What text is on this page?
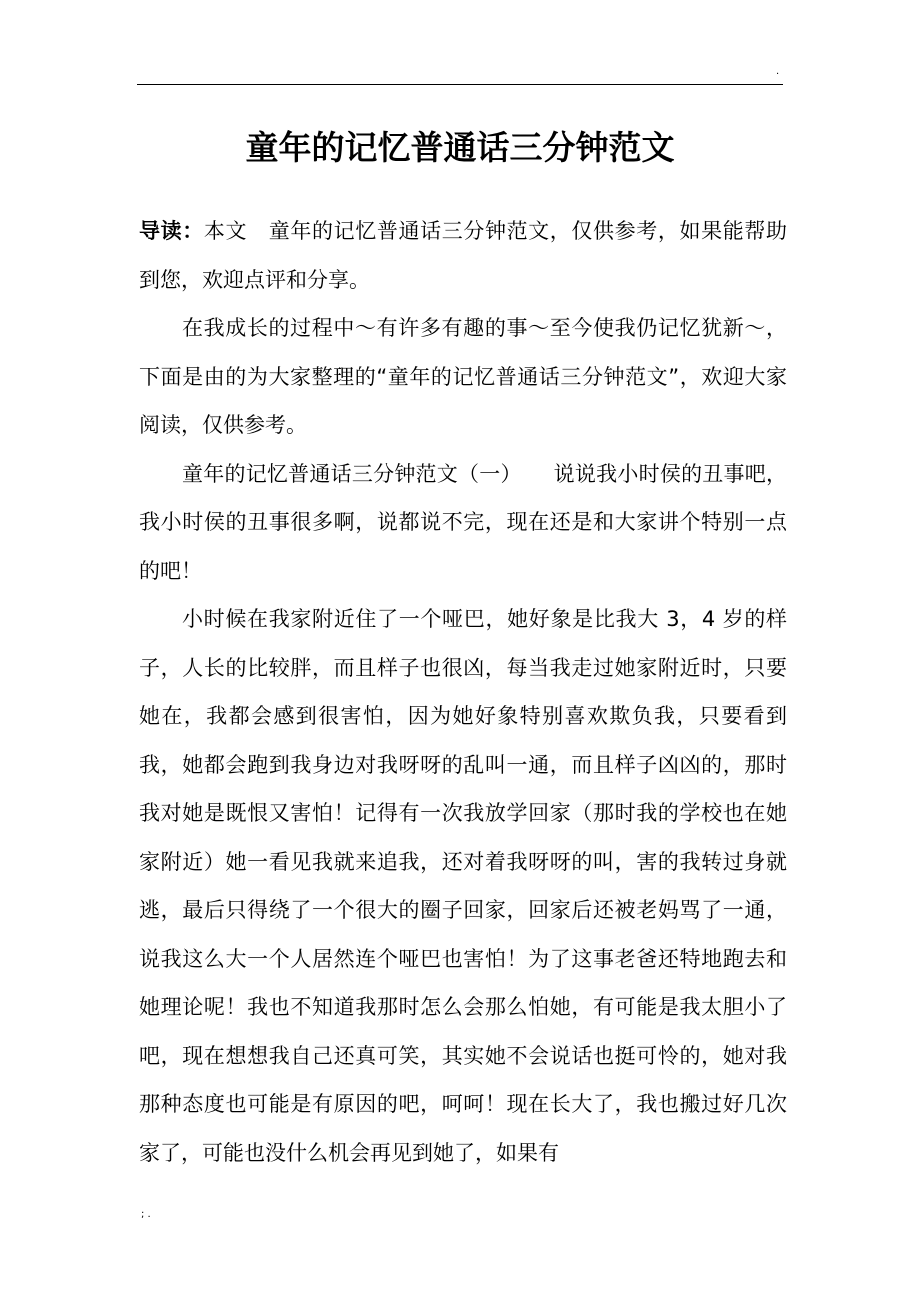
.
童年的记忆普通话三分钟范文

导读：本文　童年的记忆普通话三分钟范文，仅供参考，如果能帮助到您，欢迎点评和分享。

在我成长的过程中～有许多有趣的事～至今使我仍记忆犹新～，下面是由的为大家整理的“童年的记忆普通话三分钟范文”，欢迎大家阅读，仅供参考。

童年的记忆普通话三分钟范文（一）　　说说我小时侯的丑事吧，我小时侯的丑事很多啊，说都说不完，现在还是和大家讲个特别一点的吧！

小时候在我家附近住了一个哑巴，她好象是比我大 3，4 岁的样子，人长的比较胖，而且样子也很凶，每当我走过她家附近时，只要她在，我都会感到很害怕，因为她好象特别喜欢欺负我，只要看到我，她都会跑到我身边对我呀呀的乱叫一通，而且样子凶凶的，那时我对她是既恨又害怕！记得有一次我放学回家（那时我的学校也在她家附近）她一看见我就来追我，还对着我呀呀的叫，害的我转过身就逃，最后只得绕了一个很大的圈子回家，回家后还被老妈骂了一通，说我这么大一个人居然连个哑巴也害怕！为了这事老爸还特地跑去和她理论呢！我也不知道我那时怎么会那么怕她，有可能是我太胆小了吧，现在想想我自己还真可笑，其实她不会说话也挺可怜的，她对我那种态度也可能是有原因的吧，呵呵！现在长大了，我也搬过好几次家了，可能也没什么机会再见到她了，如果有

; .
